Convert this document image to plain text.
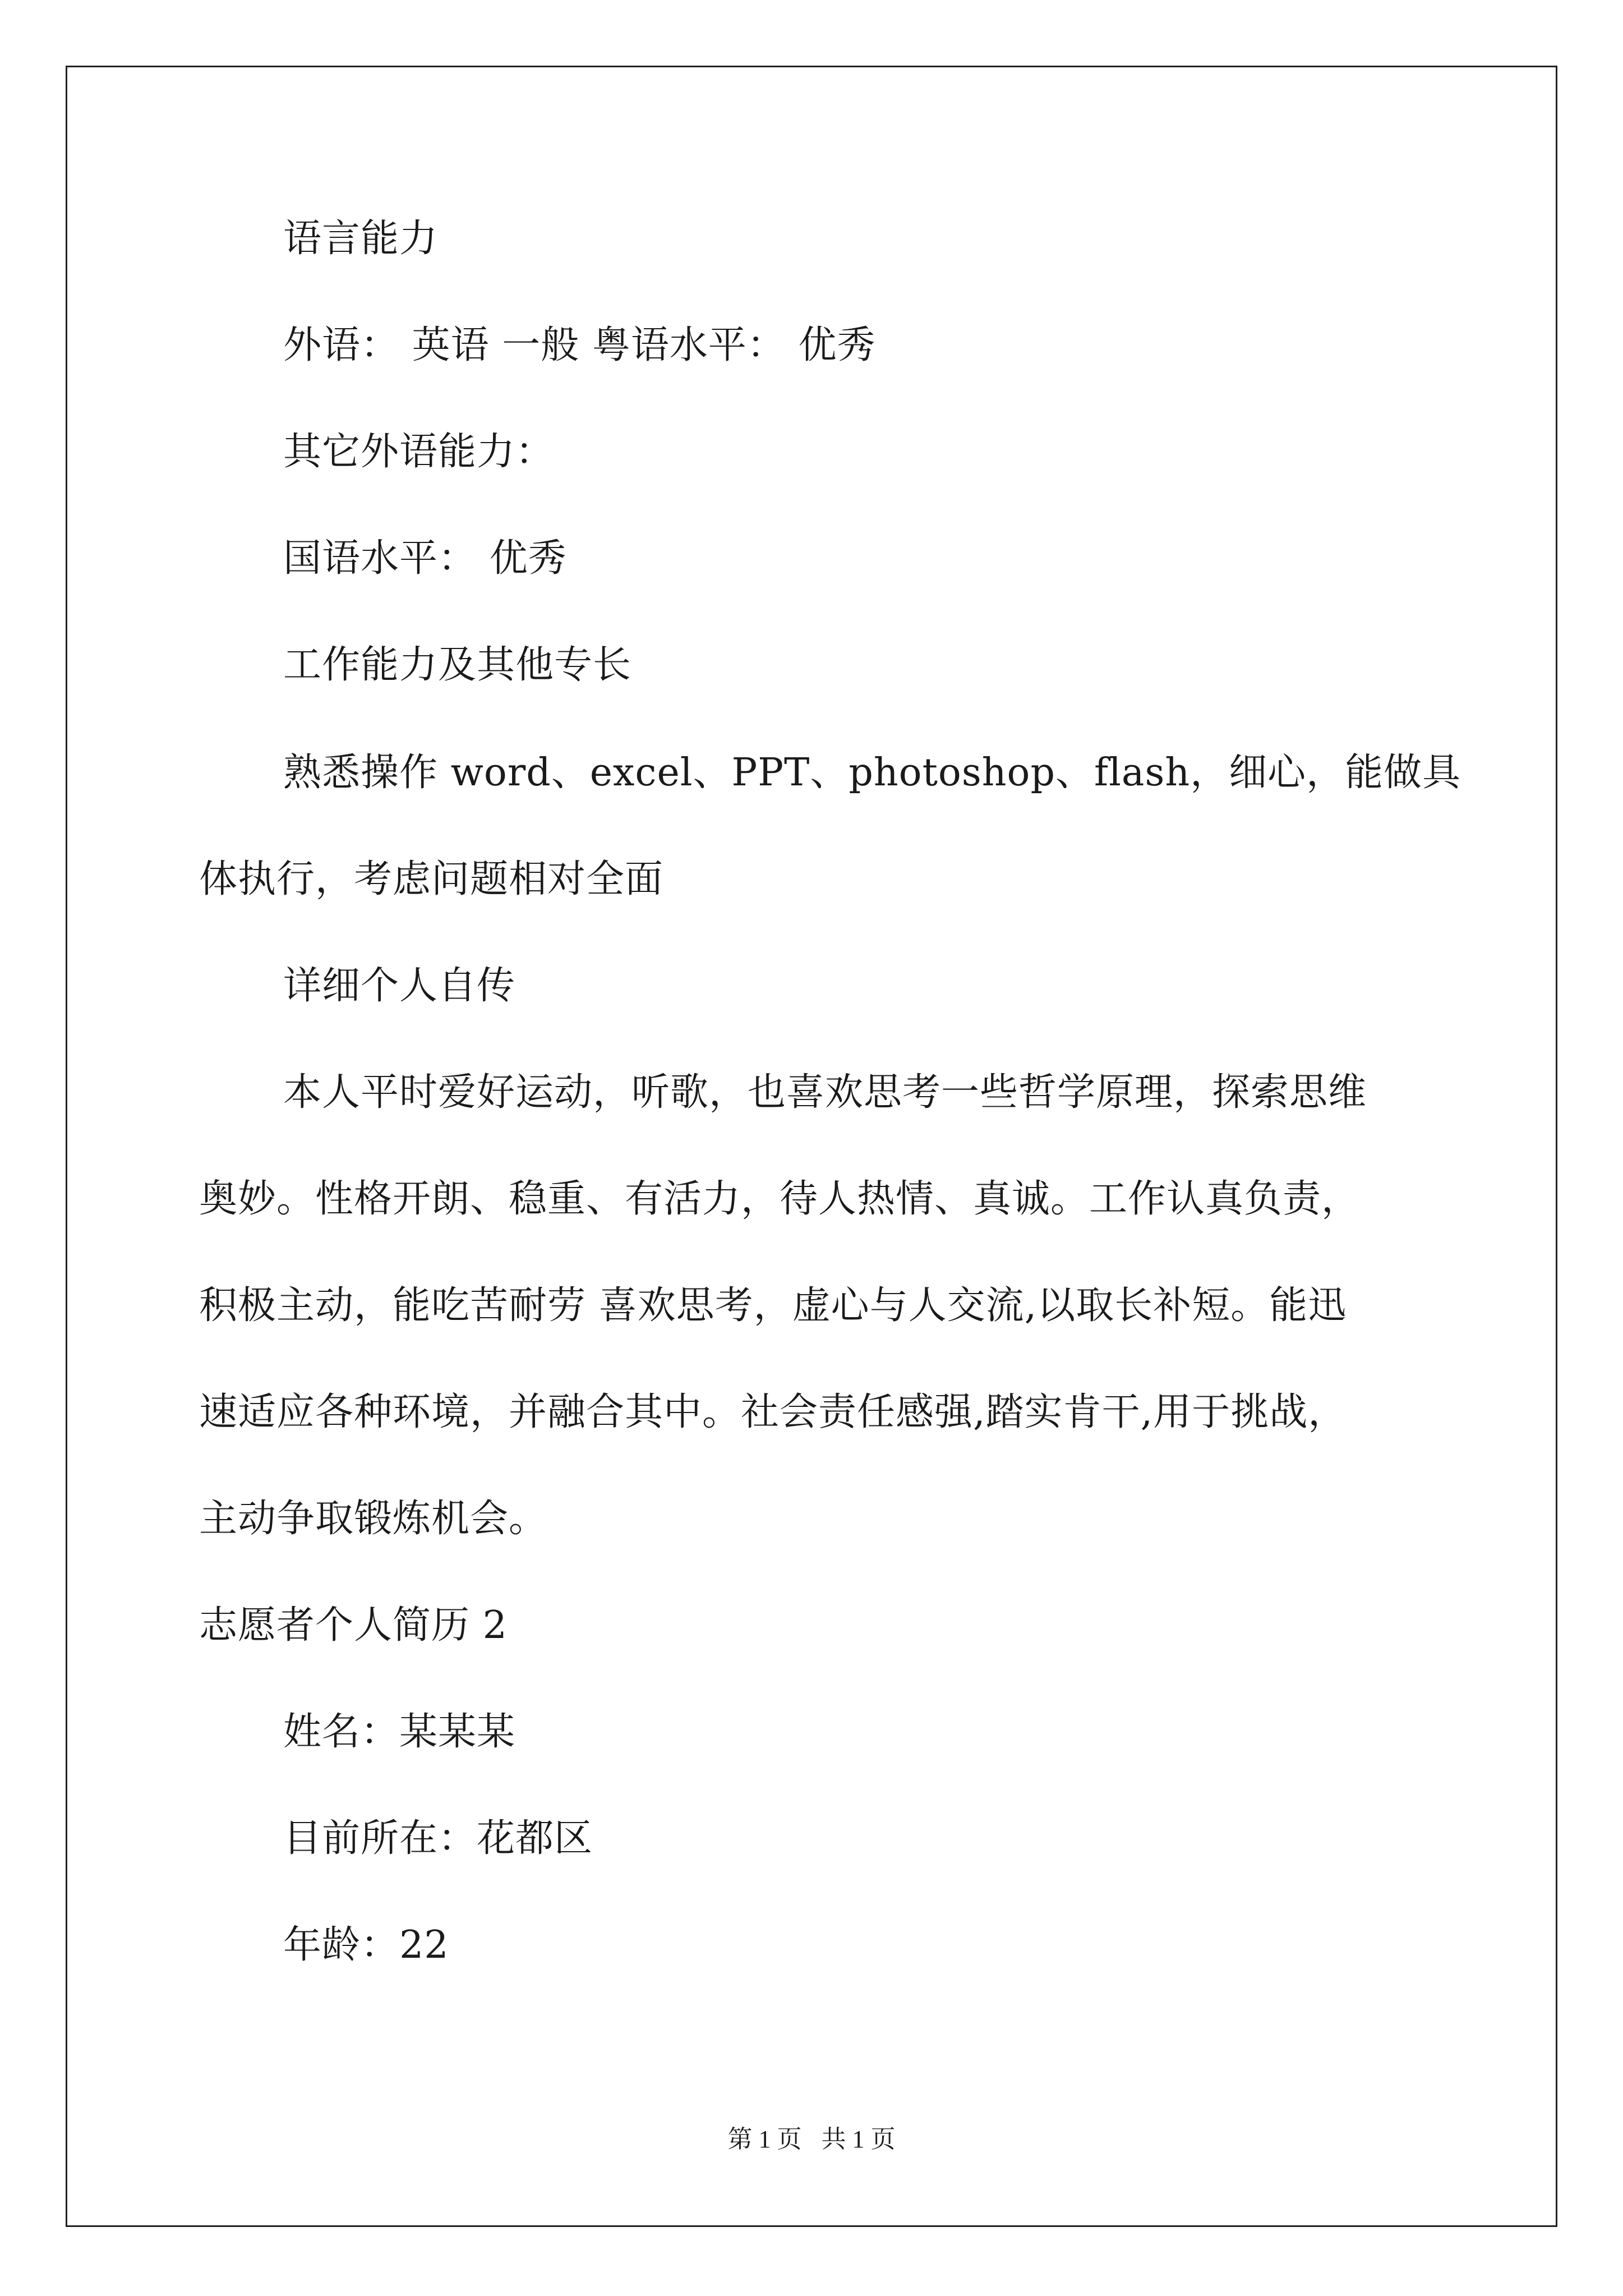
语言能力
外语： 英语 一般 粤语水平： 优秀
其它外语能力：
国语水平： 优秀
工作能力及其他专长
熟悉操作 word、excel、PPT、photoshop、flash，细心，能做具
体执行，考虑问题相对全面
详细个人自传
本人平时爱好运动，听歌，也喜欢思考一些哲学原理，探索思维
奥妙。性格开朗、稳重、有活力，待人热情、真诚。工作认真负责，
积极主动，能吃苦耐劳 喜欢思考，虚心与人交流,以取长补短。能迅
速适应各种环境，并融合其中。社会责任感强,踏实肯干,用于挑战，
主动争取锻炼机会。
志愿者个人简历 2
姓名：某某某
目前所在：花都区
年龄：22
第 1 页 共 1 页
